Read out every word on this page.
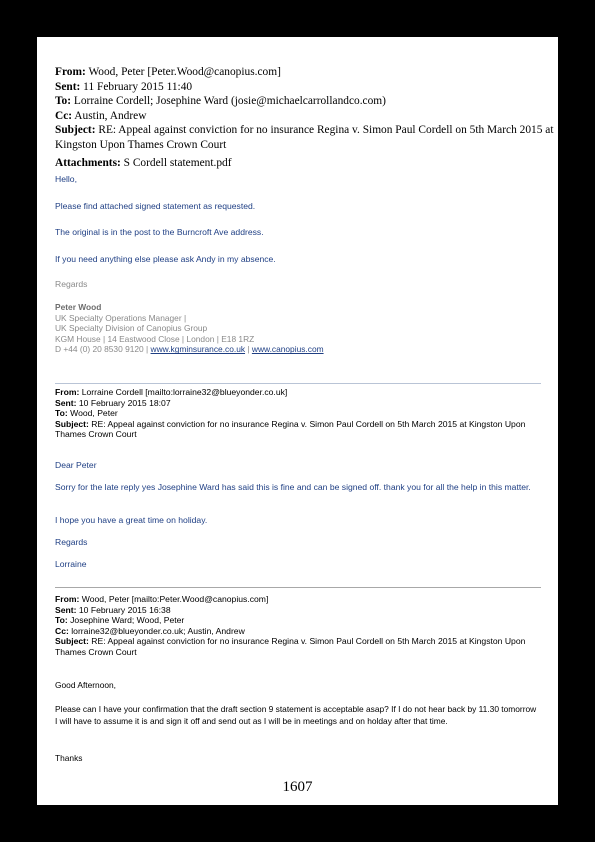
From: Wood, Peter [Peter.Wood@canopius.com]
Sent: 11 February 2015 11:40
To: Lorraine Cordell; Josephine Ward (josie@michaelcarrollandco.com)
Cc: Austin, Andrew
Subject: RE: Appeal against conviction for no insurance Regina v. Simon Paul Cordell on 5th March 2015 at Kingston Upon Thames Crown Court
Attachments: S Cordell statement.pdf
Hello,
Please find attached signed statement as requested.
The original is in the post to the Burncroft Ave address.
If you need anything else please ask Andy in my absence.
Regards
Peter Wood
UK Specialty Operations Manager |
UK Specialty Division of Canopius Group
KGM House | 14 Eastwood Close | London | E18 1RZ
D +44 (0) 20 8530 9120 | www.kgminsurance.co.uk | www.canopius.com
From: Lorraine Cordell [mailto:lorraine32@blueyonder.co.uk]
Sent: 10 February 2015 18:07
To: Wood, Peter
Subject: RE: Appeal against conviction for no insurance Regina v. Simon Paul Cordell on 5th March 2015 at Kingston Upon Thames Crown Court
Dear Peter
Sorry for the late reply yes Josephine Ward has said this is fine and can be signed off. thank you for all the help in this matter.
I hope you have a great time on holiday.
Regards
Lorraine
From: Wood, Peter [mailto:Peter.Wood@canopius.com]
Sent: 10 February 2015 16:38
To: Josephine Ward; Wood, Peter
Cc: lorraine32@blueyonder.co.uk; Austin, Andrew
Subject: RE: Appeal against conviction for no insurance Regina v. Simon Paul Cordell on 5th March 2015 at Kingston Upon Thames Crown Court
Good Afternoon,
Please can I have your confirmation that the draft section 9 statement is acceptable asap? If I do not hear back by 11.30 tomorrow I will have to assume it is and sign it off and send out as I will be in meetings and on holday after that time.
Thanks
1607
